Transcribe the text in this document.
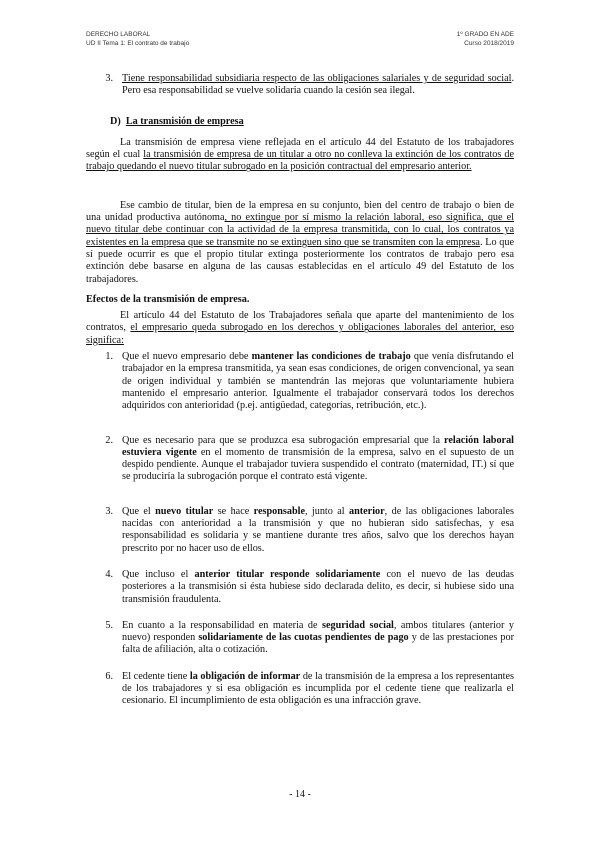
DERECHO LABORAL
UD II Tema 1: El contrato de trabajo
1º GRADO EN ADE
Curso 2018/2019
3. Tiene responsabilidad subsidiaria respecto de las obligaciones salariales y de seguridad social. Pero esa responsabilidad se vuelve solidaria cuando la cesión sea ilegal.
D) La transmisión de empresa

La transmisión de empresa viene reflejada en el artículo 44 del Estatuto de los trabajadores según el cual la transmisión de empresa de un titular a otro no conlleva la extinción de los contratos de trabajo quedando el nuevo titular subrogado en la posición contractual del empresario anterior.

Ese cambio de titular, bien de la empresa en su conjunto, bien del centro de trabajo o bien de una unidad productiva autónoma, no extingue por sí mismo la relación laboral, eso significa, que el nuevo titular debe continuar con la actividad de la empresa transmitida, con lo cual, los contratos ya existentes en la empresa que se transmite no se extinguen sino que se transmiten con la empresa. Lo que sí puede ocurrir es que el propio titular extinga posteriormente los contratos de trabajo pero esa extinción debe basarse en alguna de las causas establecidas en el artículo 49 del Estatuto de los trabajadores.

Efectos de la transmisión de empresa.

El artículo 44 del Estatuto de los Trabajadores señala que aparte del mantenimiento de los contratos, el empresario queda subrogado en los derechos y obligaciones laborales del anterior, eso significa:

1. Que el nuevo empresario debe mantener las condiciones de trabajo que venía disfrutando el trabajador en la empresa transmitida, ya sean esas condiciones, de origen convencional, ya sean de origen individual y también se mantendrán las mejoras que voluntariamente hubiera mantenido el empresario anterior. Igualmente el trabajador conservará todos los derechos adquiridos con anterioridad (p.ej. antigüedad, categorías, retribución, etc.).
2. Que es necesario para que se produzca esa subrogación empresarial que la relación laboral estuviera vigente en el momento de transmisión de la empresa, salvo en el supuesto de un despido pendiente. Aunque el trabajador tuviera suspendido el contrato (maternidad, IT.) sí que se produciría la subrogación porque el contrato está vigente.
3. Que el nuevo titular se hace responsable, junto al anterior, de las obligaciones laborales nacidas con anterioridad a la transmisión y que no hubieran sido satisfechas, y esa responsabilidad es solidaria y se mantiene durante tres años, salvo que los derechos hayan prescrito por no hacer uso de ellos.
4. Que incluso el anterior titular responde solidariamente con el nuevo de las deudas posteriores a la transmisión si ésta hubiese sido declarada delito, es decir, si hubiese sido una transmisión fraudulenta.
5. En cuanto a la responsabilidad en materia de seguridad social, ambos titulares (anterior y nuevo) responden solidariamente de las cuotas pendientes de pago y de las prestaciones por falta de afiliación, alta o cotización.
6. El cedente tiene la obligación de informar de la transmisión de la empresa a los representantes de los trabajadores y si esa obligación es incumplida por el cedente tiene que realizarla el cesionario. El incumplimiento de esta obligación es una infracción grave.
- 14 -
